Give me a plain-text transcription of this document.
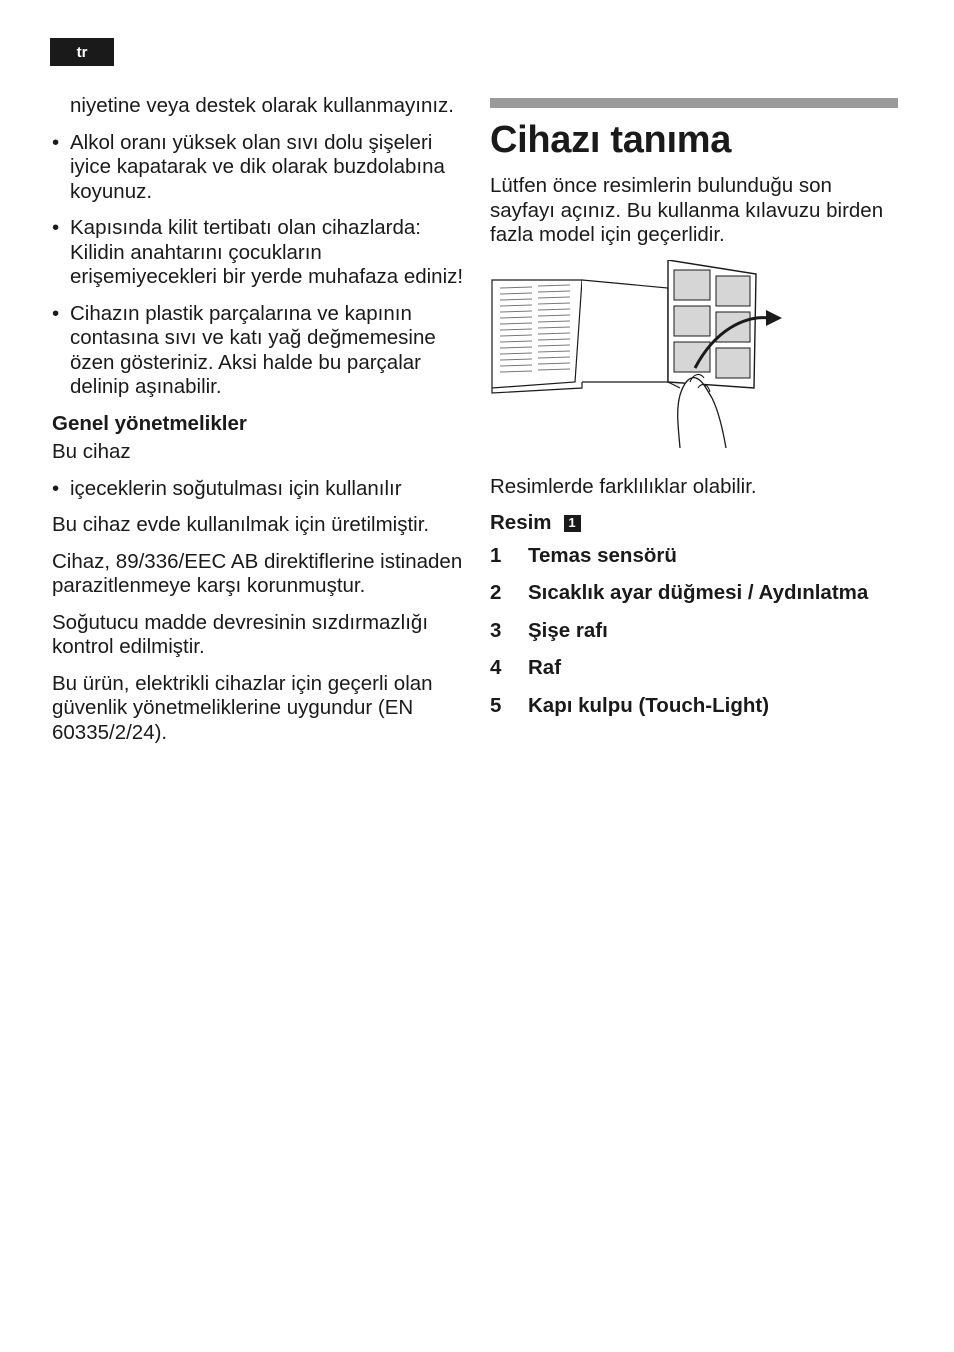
tr

niyetine veya destek olarak kullanmayınız.

• Alkol oranı yüksek olan sıvı dolu şişeleri iyice kapatarak ve dik olarak buzdolabına koyunuz.
• Kapısında kilit tertibatı olan cihazlarda: Kilidin anahtarını çocukların erişemiyecekleri bir yerde muhafaza ediniz!
• Cihazın plastik parçalarına ve kapının contasına sıvı ve katı yağ değmemesine özen gösteriniz. Aksi halde bu parçalar delinip aşınabilir.

Genel yönetmelikler

Bu cihaz

• içeceklerin soğutulması için kullanılır

Bu cihaz evde kullanılmak için üretilmiştir.

Cihaz, 89/336/EEC AB direktiflerine istinaden parazitlenmeye karşı korunmuştur.

Soğutucu madde devresinin sızdırmazlığı kontrol edilmiştir.

Bu ürün, elektrikli cihazlar için geçerli olan güvenlik yönetmeliklerine uygundur (EN 60335/2/24).

Cihazı tanıma

Lütfen önce resimlerin bulunduğu son sayfayı açınız. Bu kullanma kılavuzu birden fazla model için geçerlidir.

Resimlerde farklılıklar olabilir.

Resim	1
1	Temas sensörü
2	Sıcaklık ayar düğmesi / Aydınlatma
3	Şişe rafı
4	Raf
5	Kapı kulpu (Touch-Light)
